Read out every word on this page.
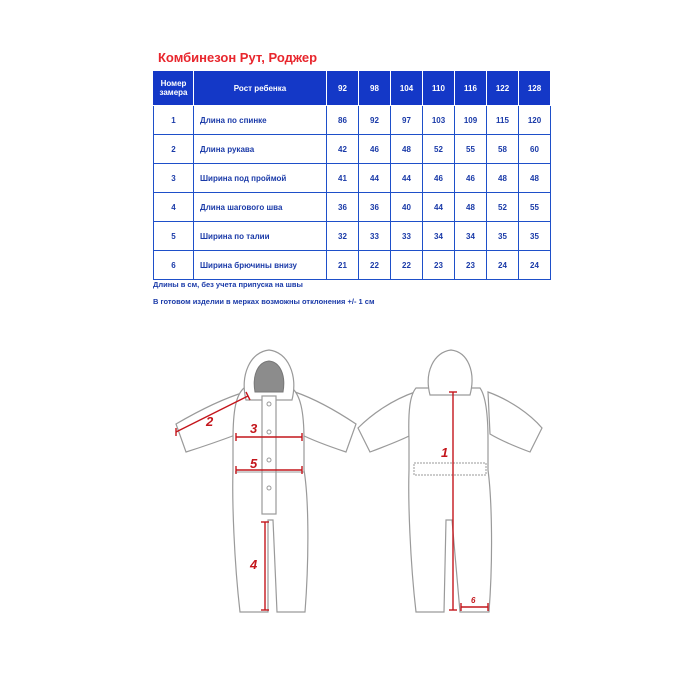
Комбинезон Рут, Роджер
Номер замера	Рост ребенка	92	98	104	110	116	122	128
1	Длина по спинке	86	92	97	103	109	115	120
2	Длина рукава	42	46	48	52	55	58	60
3	Ширина под проймой	41	44	44	46	46	48	48
4	Длина шагового шва	36	36	40	44	48	52	55
5	Ширина по талии	32	33	33	34	34	35	35
6	Ширина брючины внизу	21	22	22	23	23	24	24
Длины в см, без учета припуска на швы
В готовом изделии в мерках возможны отклонения +/- 1 см
2	3
5
4
1
6
